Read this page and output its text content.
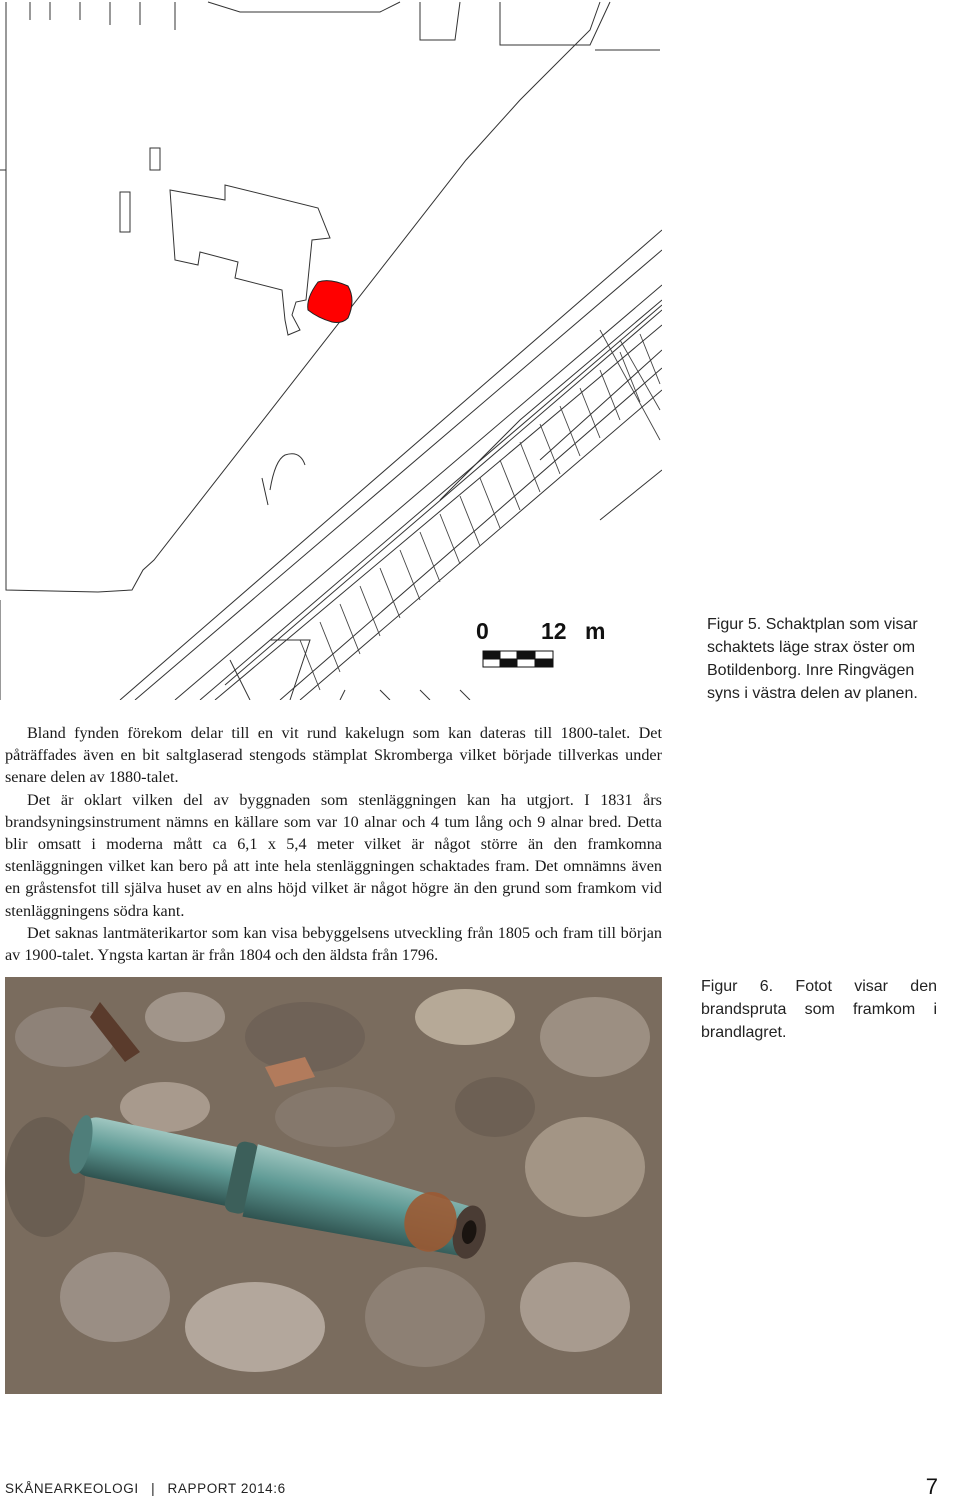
0 12 m	Figur 5. Schaktplan som visar schaktets läge strax öster om Botildenborg. Inre Ringvägen syns i västra delen av planen.

Bland fynden förekom delar till en vit rund kakelugn som kan dateras till 1800-talet. Det påträffades även en bit saltglaserad stengods stämplat Skromberga vilket började tillverkas under senare delen av 1880-talet.

Det är oklart vilken del av byggnaden som stenläggningen kan ha utgjort. I 1831 års brandsyningsinstrument nämns en källare som var 10 alnar och 4 tum lång och 9 alnar bred. Detta blir omsatt i moderna mått ca 6,1 x 5,4 meter vilket är något större än den framkomna stenläggningen vilket kan bero på att inte hela stenläggningen schaktades fram. Det omnämns även en gråstensfot till själva huset av en alns höjd vilket är något högre än den grund som framkom vid stenläggningens södra kant.

Det saknas lantmäterikartor som kan visa bebyggelsens utveckling från 1805 och fram till början av 1900-talet. Yngsta kartan är från 1804 och den äldsta från 1796.

Figur 6. Fotot visar den brandspruta som framkom i brandlagret.
SKÅNEARKEOLOGI | RAPPORT 2014:6	7
